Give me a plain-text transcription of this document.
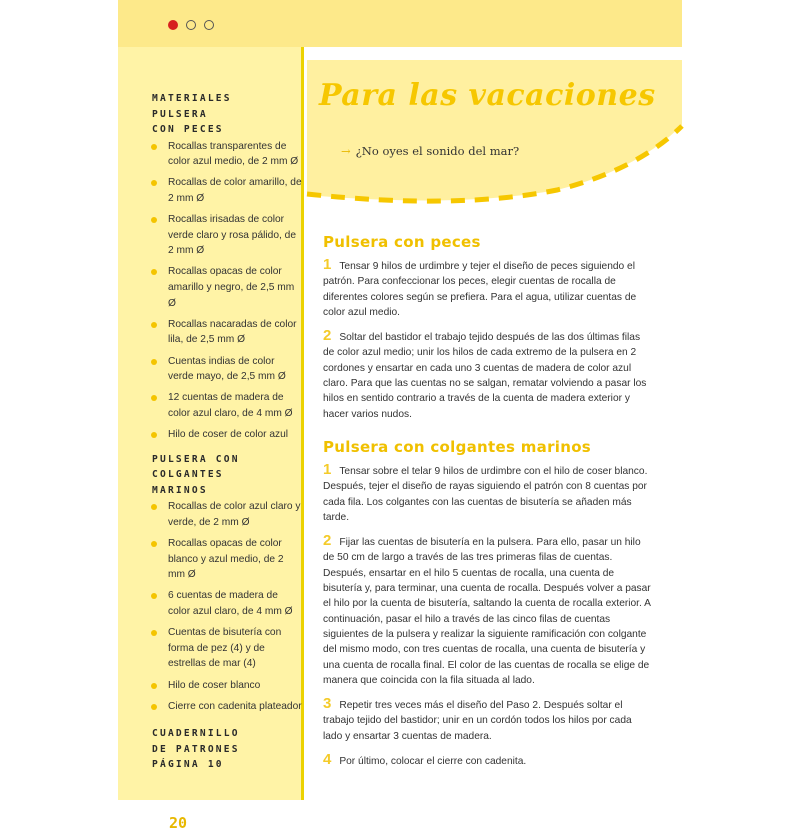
MATERIALES
PULSERA
CON PECES

Rocallas transparentes de color azul medio, de 2 mm Ø
Rocallas de color amarillo, de 2 mm Ø
Rocallas irisadas de color verde claro y rosa pálido, de 2 mm Ø
Rocallas opacas de color amarillo y negro, de 2,5 mm Ø
Rocallas nacaradas de color lila, de 2,5 mm Ø
Cuentas indias de color verde mayo, de 2,5 mm Ø
12 cuentas de madera de color azul claro, de 4 mm Ø
Hilo de coser de color azul

PULSERA CON
COLGANTES
MARINOS

Rocallas de color azul claro y verde, de 2 mm Ø
Rocallas opacas de color blanco y azul medio, de 2 mm Ø
6 cuentas de madera de color azul claro, de 4 mm Ø
Cuentas de bisutería con forma de pez (4) y de estrellas de mar (4)
Hilo de coser blanco
Cierre con cadenita plateador

CUADERNILLO
DE PATRONES
PÁGINA 10

20
Para las vacaciones
→ ¿No oyes el sonido del mar?
Pulsera con peces

1 Tensar 9 hilos de urdimbre y tejer el diseño de peces siguiendo el patrón. Para confeccionar los peces, elegir cuentas de rocalla de diferentes colores según se prefiera. Para el agua, utilizar cuentas de color azul medio.

2 Soltar del bastidor el trabajo tejido después de las dos últimas filas de color azul medio; unir los hilos de cada extremo de la pulsera en 2 cordones y ensartar en cada uno 3 cuentas de madera de color azul claro. Para que las cuentas no se salgan, rematar volviendo a pasar los hilos en sentido contrario a través de la cuenta de madera exterior y hacer varios nudos.

Pulsera con colgantes marinos

1 Tensar sobre el telar 9 hilos de urdimbre con el hilo de coser blanco. Después, tejer el diseño de rayas siguiendo el patrón con 8 cuentas por cada fila. Los colgantes con las cuentas de bisutería se añaden más tarde.

2 Fijar las cuentas de bisutería en la pulsera. Para ello, pasar un hilo de 50 cm de largo a través de las tres primeras filas de cuentas. Después, ensartar en el hilo 5 cuentas de rocalla, una cuenta de bisutería y, para terminar, una cuenta de rocalla. Después volver a pasar el hilo por la cuenta de bisutería, saltando la cuenta de rocalla exterior. A continuación, pasar el hilo a través de las cinco filas de cuentas siguientes de la pulsera y realizar la siguiente ramificación con colgante del mismo modo, con tres cuentas de rocalla, una cuenta de bisutería y una cuenta de rocalla final. El color de las cuentas de rocalla se elige de manera que coincida con la fila situada al lado.

3 Repetir tres veces más el diseño del Paso 2. Después soltar el trabajo tejido del bastidor; unir en un cordón todos los hilos por cada lado y ensartar 3 cuentas de madera.

4 Por último, colocar el cierre con cadenita.
